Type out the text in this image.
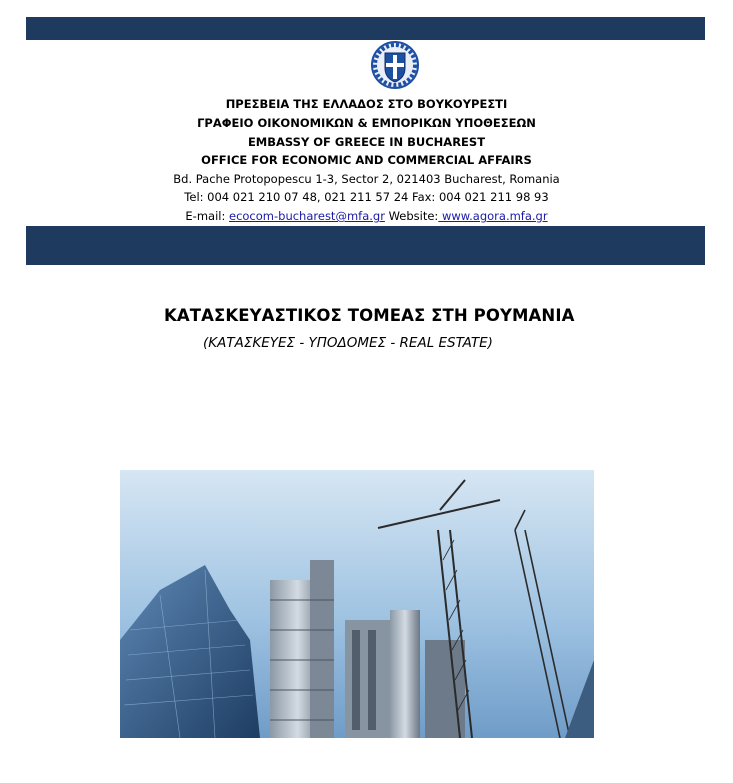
ΠΡΕΣΒΕΙΑ ΤΗΣ ΕΛΛΑΔΟΣ ΣΤΟ ΒΟΥΚΟΥΡΕΣΤΙ
ΓΡΑΦΕΙΟ ΟΙΚΟΝΟΜΙΚΩΝ & ΕΜΠΟΡΙΚΩΝ ΥΠΟΘΕΣΕΩΝ
EMBASSY OF GREECE IN BUCHAREST
OFFICE FOR ECONOMIC AND COMMERCIAL AFFAIRS
Bd. Pache Protopopescu 1-3, Sector 2, 021403 Bucharest, Romania
Tel: 004 021 210 07 48, 021 211 57 24 Fax: 004 021 211 98 93
E-mail: ecocom-bucharest@mfa.gr Website: www.agora.mfa.gr
ΚΑΤΑΣΚΕΥΑΣΤΙΚΟΣ ΤΟΜΕΑΣ ΣΤΗ ΡΟΥΜΑΝΙΑ
(ΚΑΤΑΣΚΕΥΕΣ - ΥΠΟΔΟΜΕΣ - REAL ESTATE)
